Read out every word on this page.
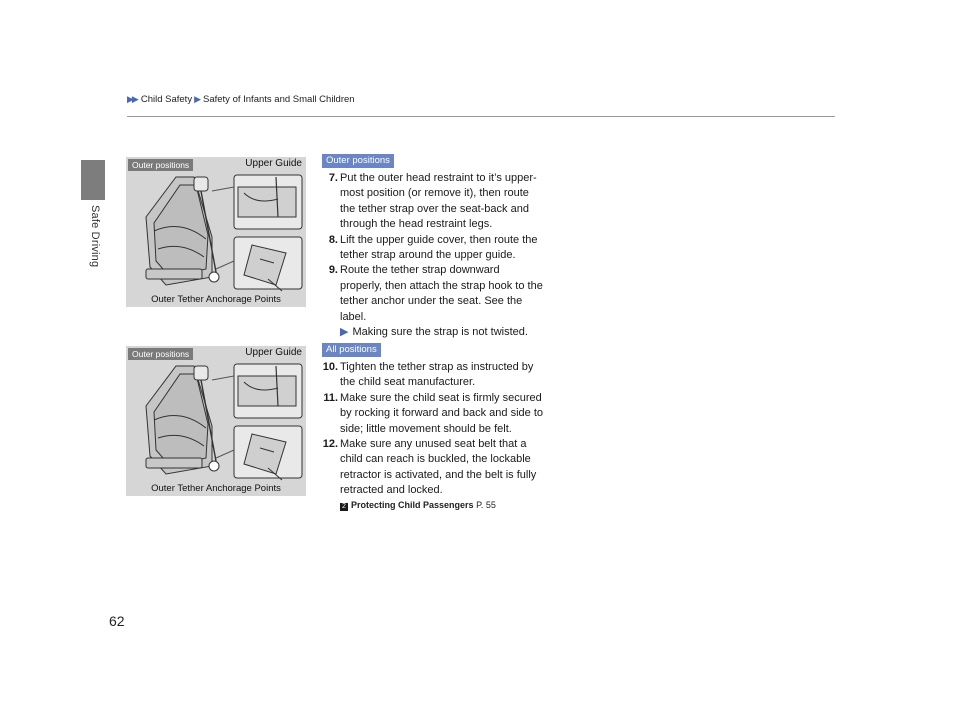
Safe Driving
▶▶ Child Safety ▶ Safety of Infants and Small Children
Outer positions	Upper Guide
Outer Tether Anchorage Points
Outer positions	Upper Guide
Outer Tether Anchorage Points
Outer positions
7. Put the outer head restraint to it’s upper-
most position (or remove it), then route
the tether strap over the seat-back and
through the head restraint legs.
8. Lift the upper guide cover, then route the
tether strap around the upper guide.
9. Route the tether strap downward
properly, then attach the strap hook to the
tether anchor under the seat. See the
label.
▶ Making sure the strap is not twisted.
All positions
10. Tighten the tether strap as instructed by
the child seat manufacturer.
11. Make sure the child seat is firmly secured
by rocking it forward and back and side to
side; little movement should be felt.
12. Make sure any unused seat belt that a
child can reach is buckled, the lockable
retractor is activated, and the belt is fully
retracted and locked.
2 Protecting Child Passengers P. 55
62
